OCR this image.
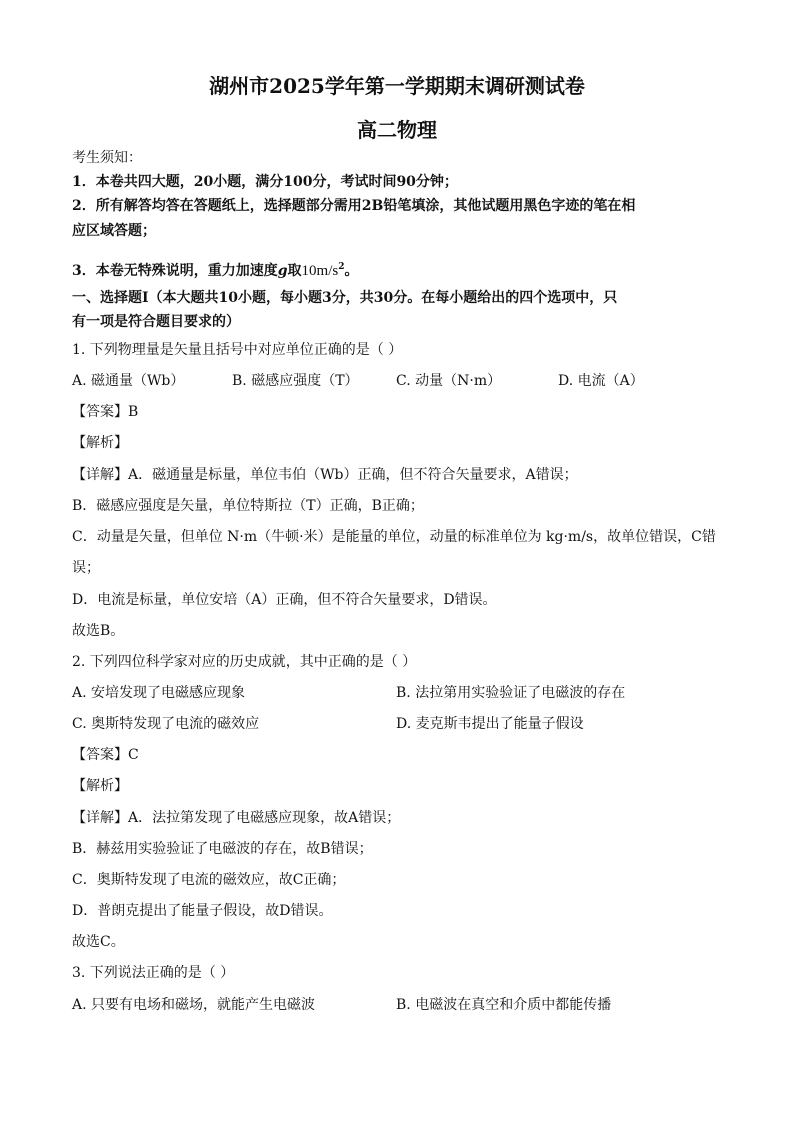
湖州市2025学年第一学期期末调研测试卷
高二物理
考生须知：
1．本卷共四大题，20小题，满分100分，考试时间90分钟；
2．所有解答均答在答题纸上，选择题部分需用2B铅笔填涂，其他试题用黑色字迹的笔在相
应区域答题；
3．本卷无特殊说明，重力加速度g取$10m/s^2$。
一、选择题Ⅰ（本大题共10小题，每小题3分，共30分。在每小题给出的四个选项中，只
有一项是符合题目要求的）
1. 下列物理量是矢量且括号中对应单位正确的是（ ）
A. 磁通量（Wb）	B. 磁感应强度（T）	C. 动量（N·m）	D. 电流（A）
【答案】B
【解析】
【详解】A．磁通量是标量，单位韦伯（Wb）正确，但不符合矢量要求，A错误；
B．磁感应强度是矢量，单位特斯拉（T）正确，B正确；
C．动量是矢量，但单位 N·m（牛顿·米）是能量的单位，动量的标准单位为 kg·m/s，故单位错误，C错
误；
D．电流是标量，单位安培（A）正确，但不符合矢量要求，D错误。
故选B。
2. 下列四位科学家对应的历史成就，其中正确的是（ ）
A. 安培发现了电磁感应现象	B. 法拉第用实验验证了电磁波的存在
C. 奥斯特发现了电流的磁效应	D. 麦克斯韦提出了能量子假设
【答案】C
【解析】
【详解】A．法拉第发现了电磁感应现象，故A错误；
B．赫兹用实验验证了电磁波的存在，故B错误；
C．奥斯特发现了电流的磁效应，故C正确；
D．普朗克提出了能量子假设，故D错误。
故选C。
3. 下列说法正确的是（ ）
A. 只要有电场和磁场，就能产生电磁波	B. 电磁波在真空和介质中都能传播
